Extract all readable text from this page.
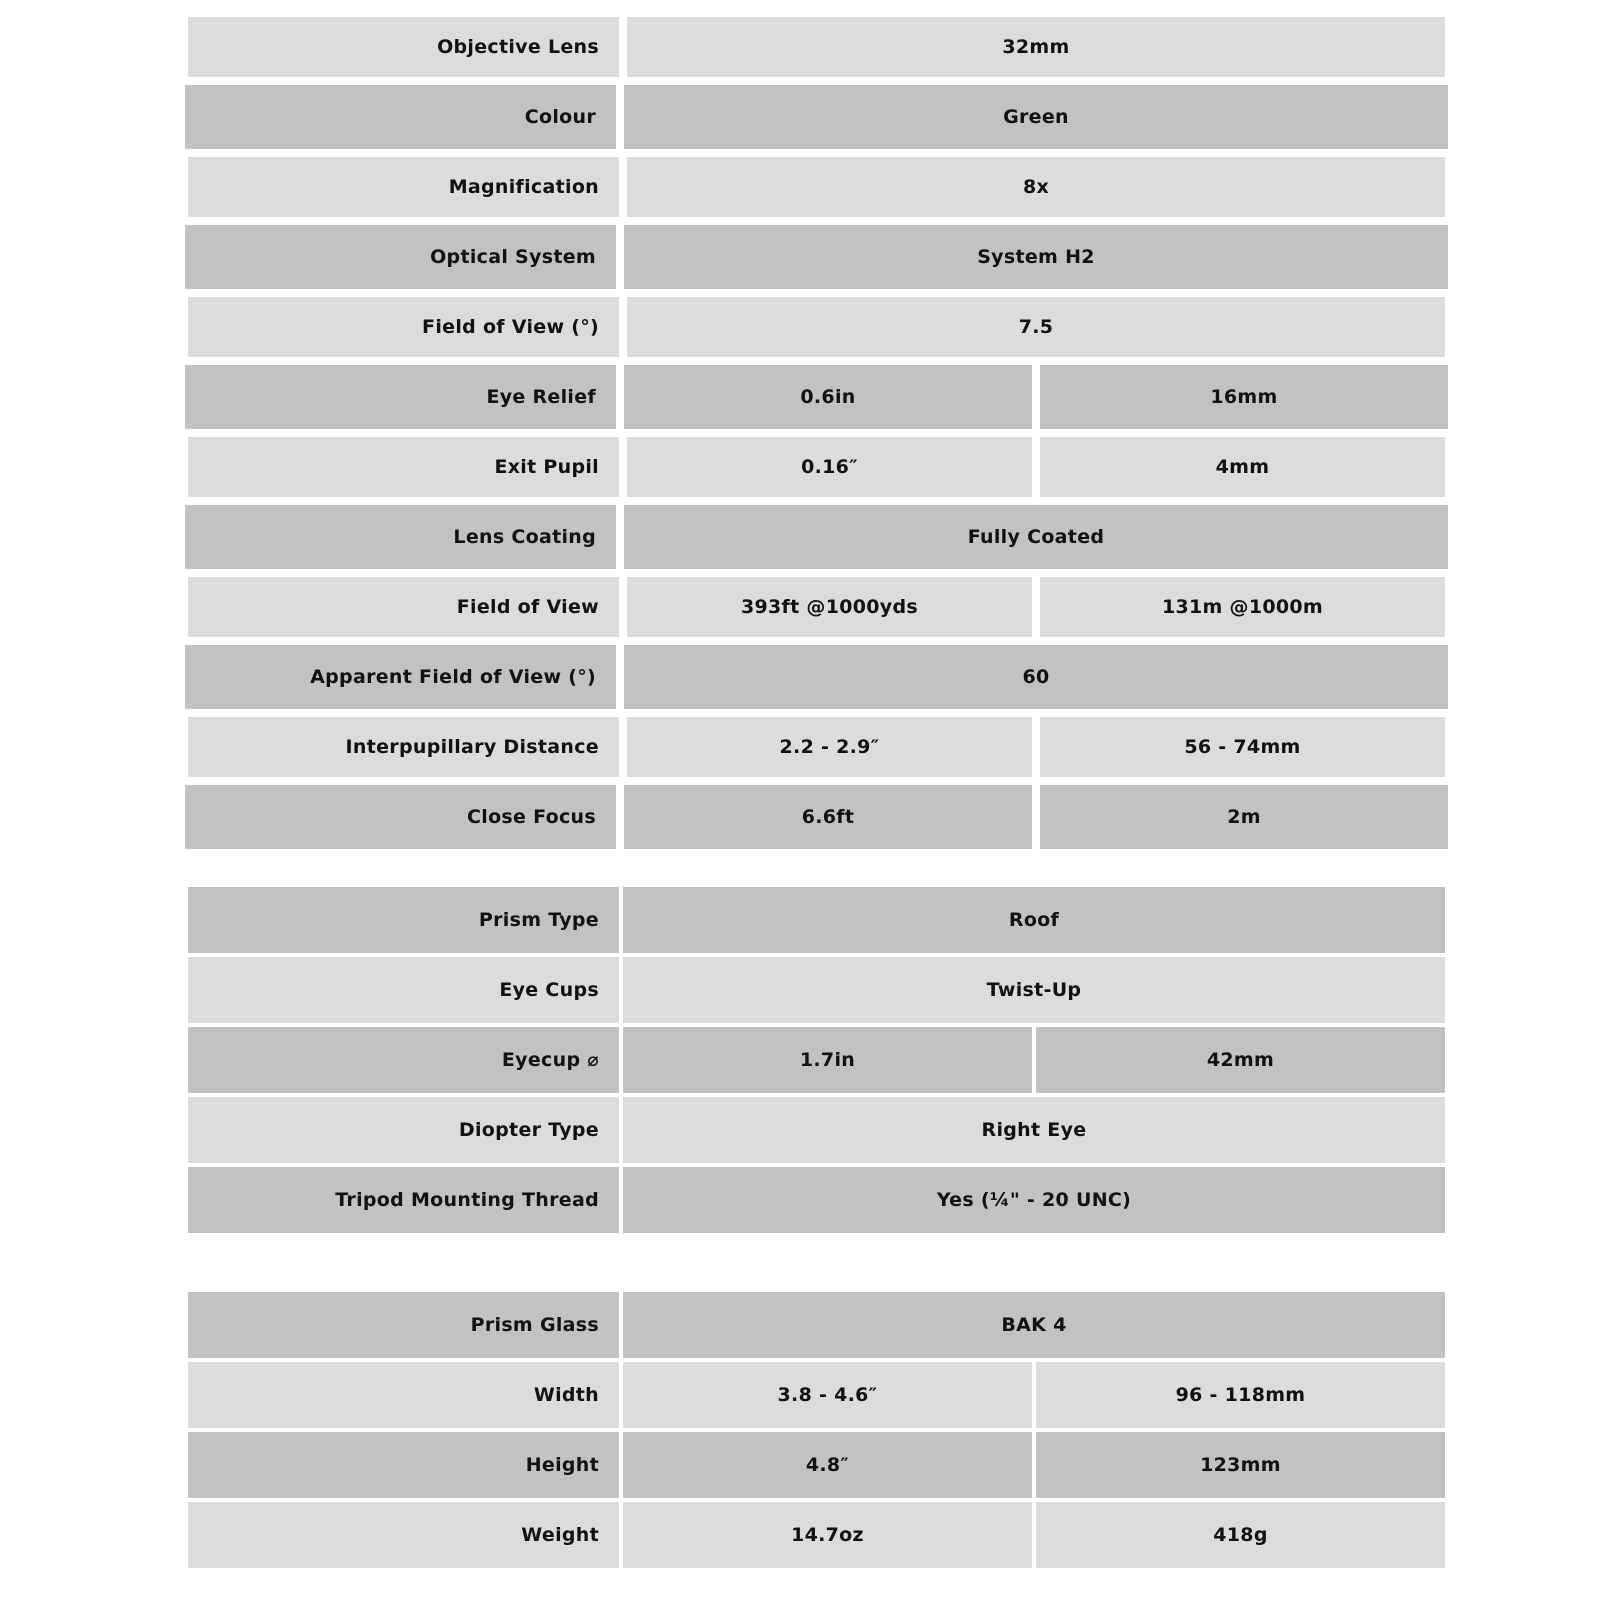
Objective Lens	32mm
Colour	Green
Magnification	8x
Optical System	System H2
Field of View (°)	7.5
Eye Relief	0.6in	16mm
Exit Pupil	0.16″	4mm
Lens Coating	Fully Coated
Field of View	393ft @1000yds	131m @1000m
Apparent Field of View (°)	60
Interpupillary Distance	2.2 - 2.9″	56 - 74mm
Close Focus	6.6ft	2m
Prism Type	Roof
Eye Cups	Twist-Up
Eyecup ⌀	1.7in	42mm
Diopter Type	Right Eye
Tripod Mounting Thread	Yes (¼" - 20 UNC)
Prism Glass	BAK 4
Width	3.8 - 4.6″	96 - 118mm
Height	4.8″	123mm
Weight	14.7oz	418g
